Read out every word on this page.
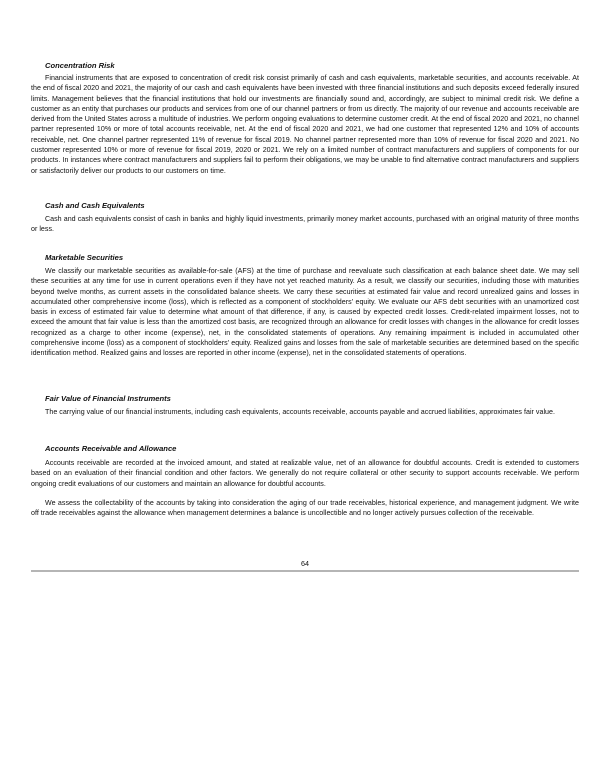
Concentration Risk
Financial instruments that are exposed to concentration of credit risk consist primarily of cash and cash equivalents, marketable securities, and accounts receivable. At the end of fiscal 2020 and 2021, the majority of our cash and cash equivalents have been invested with three financial institutions and such deposits exceed federally insured limits. Management believes that the financial institutions that hold our investments are financially sound and, accordingly, are subject to minimal credit risk. We define a customer as an entity that purchases our products and services from one of our channel partners or from us directly. The majority of our revenue and accounts receivable are derived from the United States across a multitude of industries. We perform ongoing evaluations to determine customer credit. At the end of fiscal 2020 and 2021, no channel partner represented 10% or more of total accounts receivable, net. At the end of fiscal 2020 and 2021, we had one customer that represented 12% and 10% of accounts receivable, net. One channel partner represented 11% of revenue for fiscal 2019. No channel partner represented more than 10% of revenue for fiscal 2020 and 2021. No customer represented 10% or more of revenue for fiscal 2019, 2020 or 2021. We rely on a limited number of contract manufacturers and suppliers of components for our products. In instances where contract manufacturers and suppliers fail to perform their obligations, we may be unable to find alternative contract manufacturers and suppliers or satisfactorily deliver our products to our customers on time.
Cash and Cash Equivalents
Cash and cash equivalents consist of cash in banks and highly liquid investments, primarily money market accounts, purchased with an original maturity of three months or less.
Marketable Securities
We classify our marketable securities as available-for-sale (AFS) at the time of purchase and reevaluate such classification at each balance sheet date. We may sell these securities at any time for use in current operations even if they have not yet reached maturity. As a result, we classify our securities, including those with maturities beyond twelve months, as current assets in the consolidated balance sheets. We carry these securities at estimated fair value and record unrealized gains and losses in accumulated other comprehensive income (loss), which is reflected as a component of stockholders' equity. We evaluate our AFS debt securities with an unamortized cost basis in excess of estimated fair value to determine what amount of that difference, if any, is caused by expected credit losses. Credit-related impairment losses, not to exceed the amount that fair value is less than the amortized cost basis, are recognized through an allowance for credit losses with changes in the allowance for credit losses recognized as a charge to other income (expense), net, in the consolidated statements of operations. Any remaining impairment is included in accumulated other comprehensive income (loss) as a component of stockholders' equity. Realized gains and losses from the sale of marketable securities are determined based on the specific identification method. Realized gains and losses are reported in other income (expense), net in the consolidated statements of operations.
Fair Value of Financial Instruments
The carrying value of our financial instruments, including cash equivalents, accounts receivable, accounts payable and accrued liabilities, approximates fair value.
Accounts Receivable and Allowance
Accounts receivable are recorded at the invoiced amount, and stated at realizable value, net of an allowance for doubtful accounts. Credit is extended to customers based on an evaluation of their financial condition and other factors. We generally do not require collateral or other security to support accounts receivable. We perform ongoing credit evaluations of our customers and maintain an allowance for doubtful accounts.
We assess the collectability of the accounts by taking into consideration the aging of our trade receivables, historical experience, and management judgment. We write off trade receivables against the allowance when management determines a balance is uncollectible and no longer actively pursues collection of the receivable.
64
